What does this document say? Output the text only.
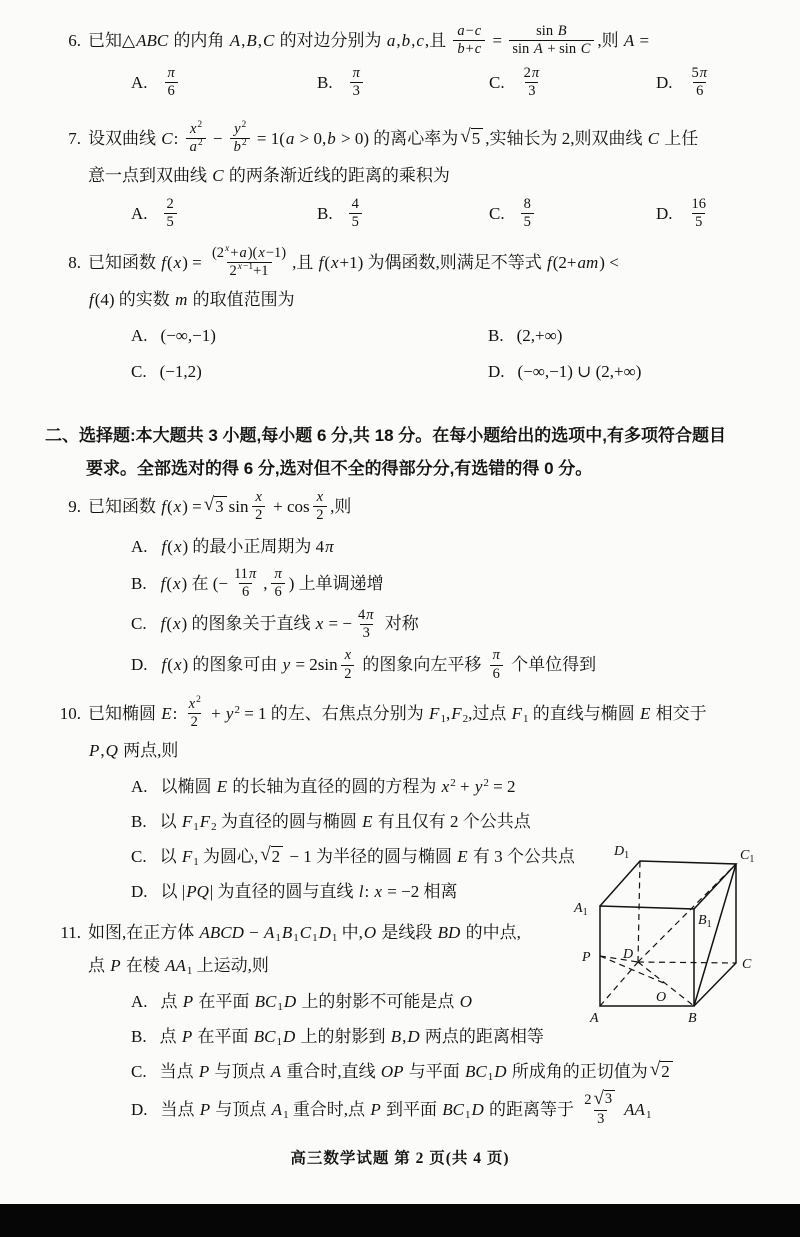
6. 已知△ABC 的内角 A,B,C 的对边分别为 a,b,c,且 $\frac{a-c}{b+c} = \frac{\text{sin B}}{\text{sin A + sin C}}$ ,则 A =
A. $\frac{\pi}{6}$	B. $\frac{\pi}{3}$	C. $\frac{2\pi}{3}$	D. $\frac{5\pi}{6}$
7. 设双曲线 C: $\frac{x^2}{a^2} - \frac{y^2}{b^2} = 1(a > 0,b > 0)$ 的离心率为 √ 5 ,实轴长为 2,则双曲线 C 上任
意一点到双曲线 C 的两条渐近线的距离的乘积为
A. $\frac{2}{5}$	B. $\frac{4}{5}$	C. $\frac{8}{5}$	D. $\frac{16}{5}$
8. 已知函数 $f(x) = \frac{(2^x+a)(x-1)}{2^{x-1}+1}$ ,且 f(x+1) 为偶函数,则满足不等式 f(2+am) <
f(4) 的实数 m 的取值范围为
A. (−∞,−1)	B. (2,+∞)
C. (−1,2)	D. (−∞,−1) ∪ (2,+∞)
二、选择题:本大题共 3 小题,每小题 6 分,共 18 分。在每小题给出的选项中,有多项符合题目
要求。全部选对的得 6 分,选对但不全的得部分分,有选错的得 0 分。
9. 已知函数 f(x) = √ 3 $\sin \frac{x}{2} + \cos \frac{x}{2}$ ,则
A. f(x) 的最小正周期为 4π
B. f(x) 在 (− $\frac{11\pi}{6}$ , $\frac{\pi}{6}$ ) 上单调递增
C. f(x) 的图象关于直线 x = − $\frac{4\pi}{3}$ 对称
D. f(x) 的图象可由 $y = 2\sin \frac{x}{2}$ 的图象向左平移 $\frac{\pi}{6}$ 个单位得到
10. 已知椭圆 E: $\frac{x^2}{2} + y^2 = 1$ 的左、右焦点分别为 $F_1,F_2$,过点 $F_1$ 的直线与椭圆 E 相交于
P,Q 两点,则
A. 以椭圆 E 的长轴为直径的圆的方程为 $x^2 + y^2 = 2$
B. 以 $F_1F_2$ 为直径的圆与椭圆 E 有且仅有 2 个公共点
C. 以 $F_1$ 为圆心, √ 2 − 1 为半径的圆与椭圆 E 有 3 个公共点
D. 以 |PQ| 为直径的圆与直线 l: x = −2 相离
11. 如图,在正方体 ABCD − $A_1B_1C_1D_1$ 中,O 是线段 BD 的中点,
点 P 在棱 $AA_1$ 上运动,则
A. 点 P 在平面 $BC_1D$ 上的射影不可能是点 O
B. 点 P 在平面 $BC_1D$ 上的射影到 B,D 两点的距离相等
C. 当点 P 与顶点 A 重合时,直线 OP 与平面 $BC_1D$ 所成角的正切值为 √ 2
D. 当点 P 与顶点 $A_1$ 重合时,点 P 到平面 $BC_1D$ 的距离等于 $\frac{2 √ 3}{3} AA_1$
$D_1$	$C_1$
$A_1$
$B_1$
P D
C
O
A	B
高三数学试题 第 2 页(共 4 页)
